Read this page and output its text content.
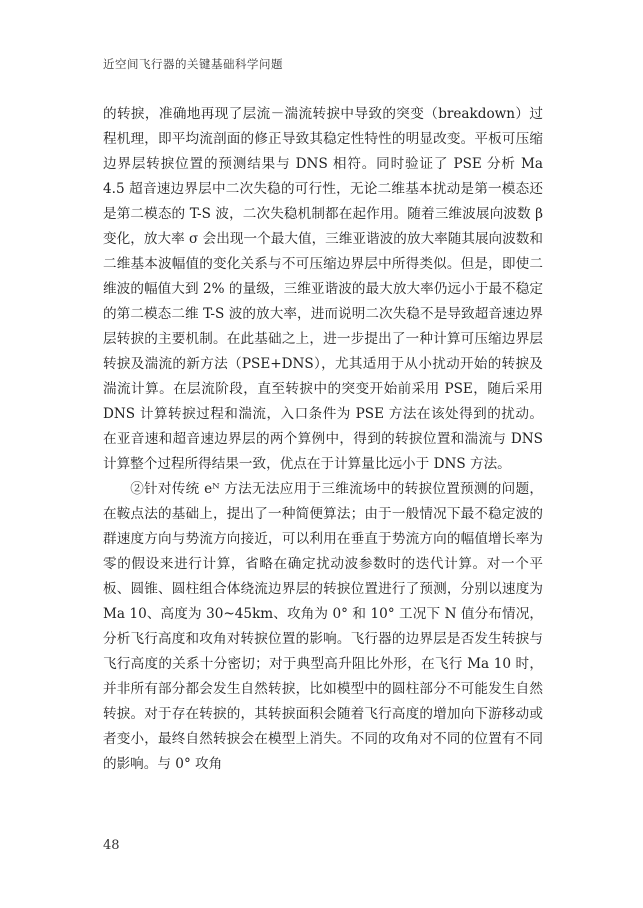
近空间飞行器的关键基础科学问题

的转捩，准确地再现了层流－湍流转捩中导致的突变（breakdown）过程机理，即平均流剖面的修正导致其稳定性特性的明显改变。平板可压缩边界层转捩位置的预测结果与 DNS 相符。同时验证了 PSE 分析 Ma 4.5 超音速边界层中二次失稳的可行性，无论二维基本扰动是第一模态还是第二模态的 T-S 波，二次失稳机制都在起作用。随着三维波展向波数 β 变化，放大率 σ 会出现一个最大值，三维亚谐波的放大率随其展向波数和二维基本波幅值的变化关系与不可压缩边界层中所得类似。但是，即使二维波的幅值大到 2% 的量级，三维亚谐波的最大放大率仍远小于最不稳定的第二模态二维 T-S 波的放大率，进而说明二次失稳不是导致超音速边界层转捩的主要机制。在此基础之上，进一步提出了一种计算可压缩边界层转捩及湍流的新方法（PSE+DNS），尤其适用于从小扰动开始的转捩及湍流计算。在层流阶段，直至转捩中的突变开始前采用 PSE，随后采用 DNS 计算转捩过程和湍流，入口条件为 PSE 方法在该处得到的扰动。在亚音速和超音速边界层的两个算例中，得到的转捩位置和湍流与 DNS 计算整个过程所得结果一致，优点在于计算量比远小于 DNS 方法。

②针对传统 eᴺ 方法无法应用于三维流场中的转捩位置预测的问题，在鞍点法的基础上，提出了一种简便算法；由于一般情况下最不稳定波的群速度方向与势流方向接近，可以利用在垂直于势流方向的幅值增长率为零的假设来进行计算，省略在确定扰动波参数时的迭代计算。对一个平板、圆锥、圆柱组合体绕流边界层的转捩位置进行了预测，分别以速度为 Ma 10、高度为 30~45km、攻角为 0° 和 10° 工况下 N 值分布情况，分析飞行高度和攻角对转捩位置的影响。飞行器的边界层是否发生转捩与飞行高度的关系十分密切；对于典型高升阻比外形，在飞行 Ma 10 时，并非所有部分都会发生自然转捩，比如模型中的圆柱部分不可能发生自然转捩。对于存在转捩的，其转捩面积会随着飞行高度的增加向下游移动或者变小，最终自然转捩会在模型上消失。不同的攻角对不同的位置有不同的影响。与 0° 攻角

48
